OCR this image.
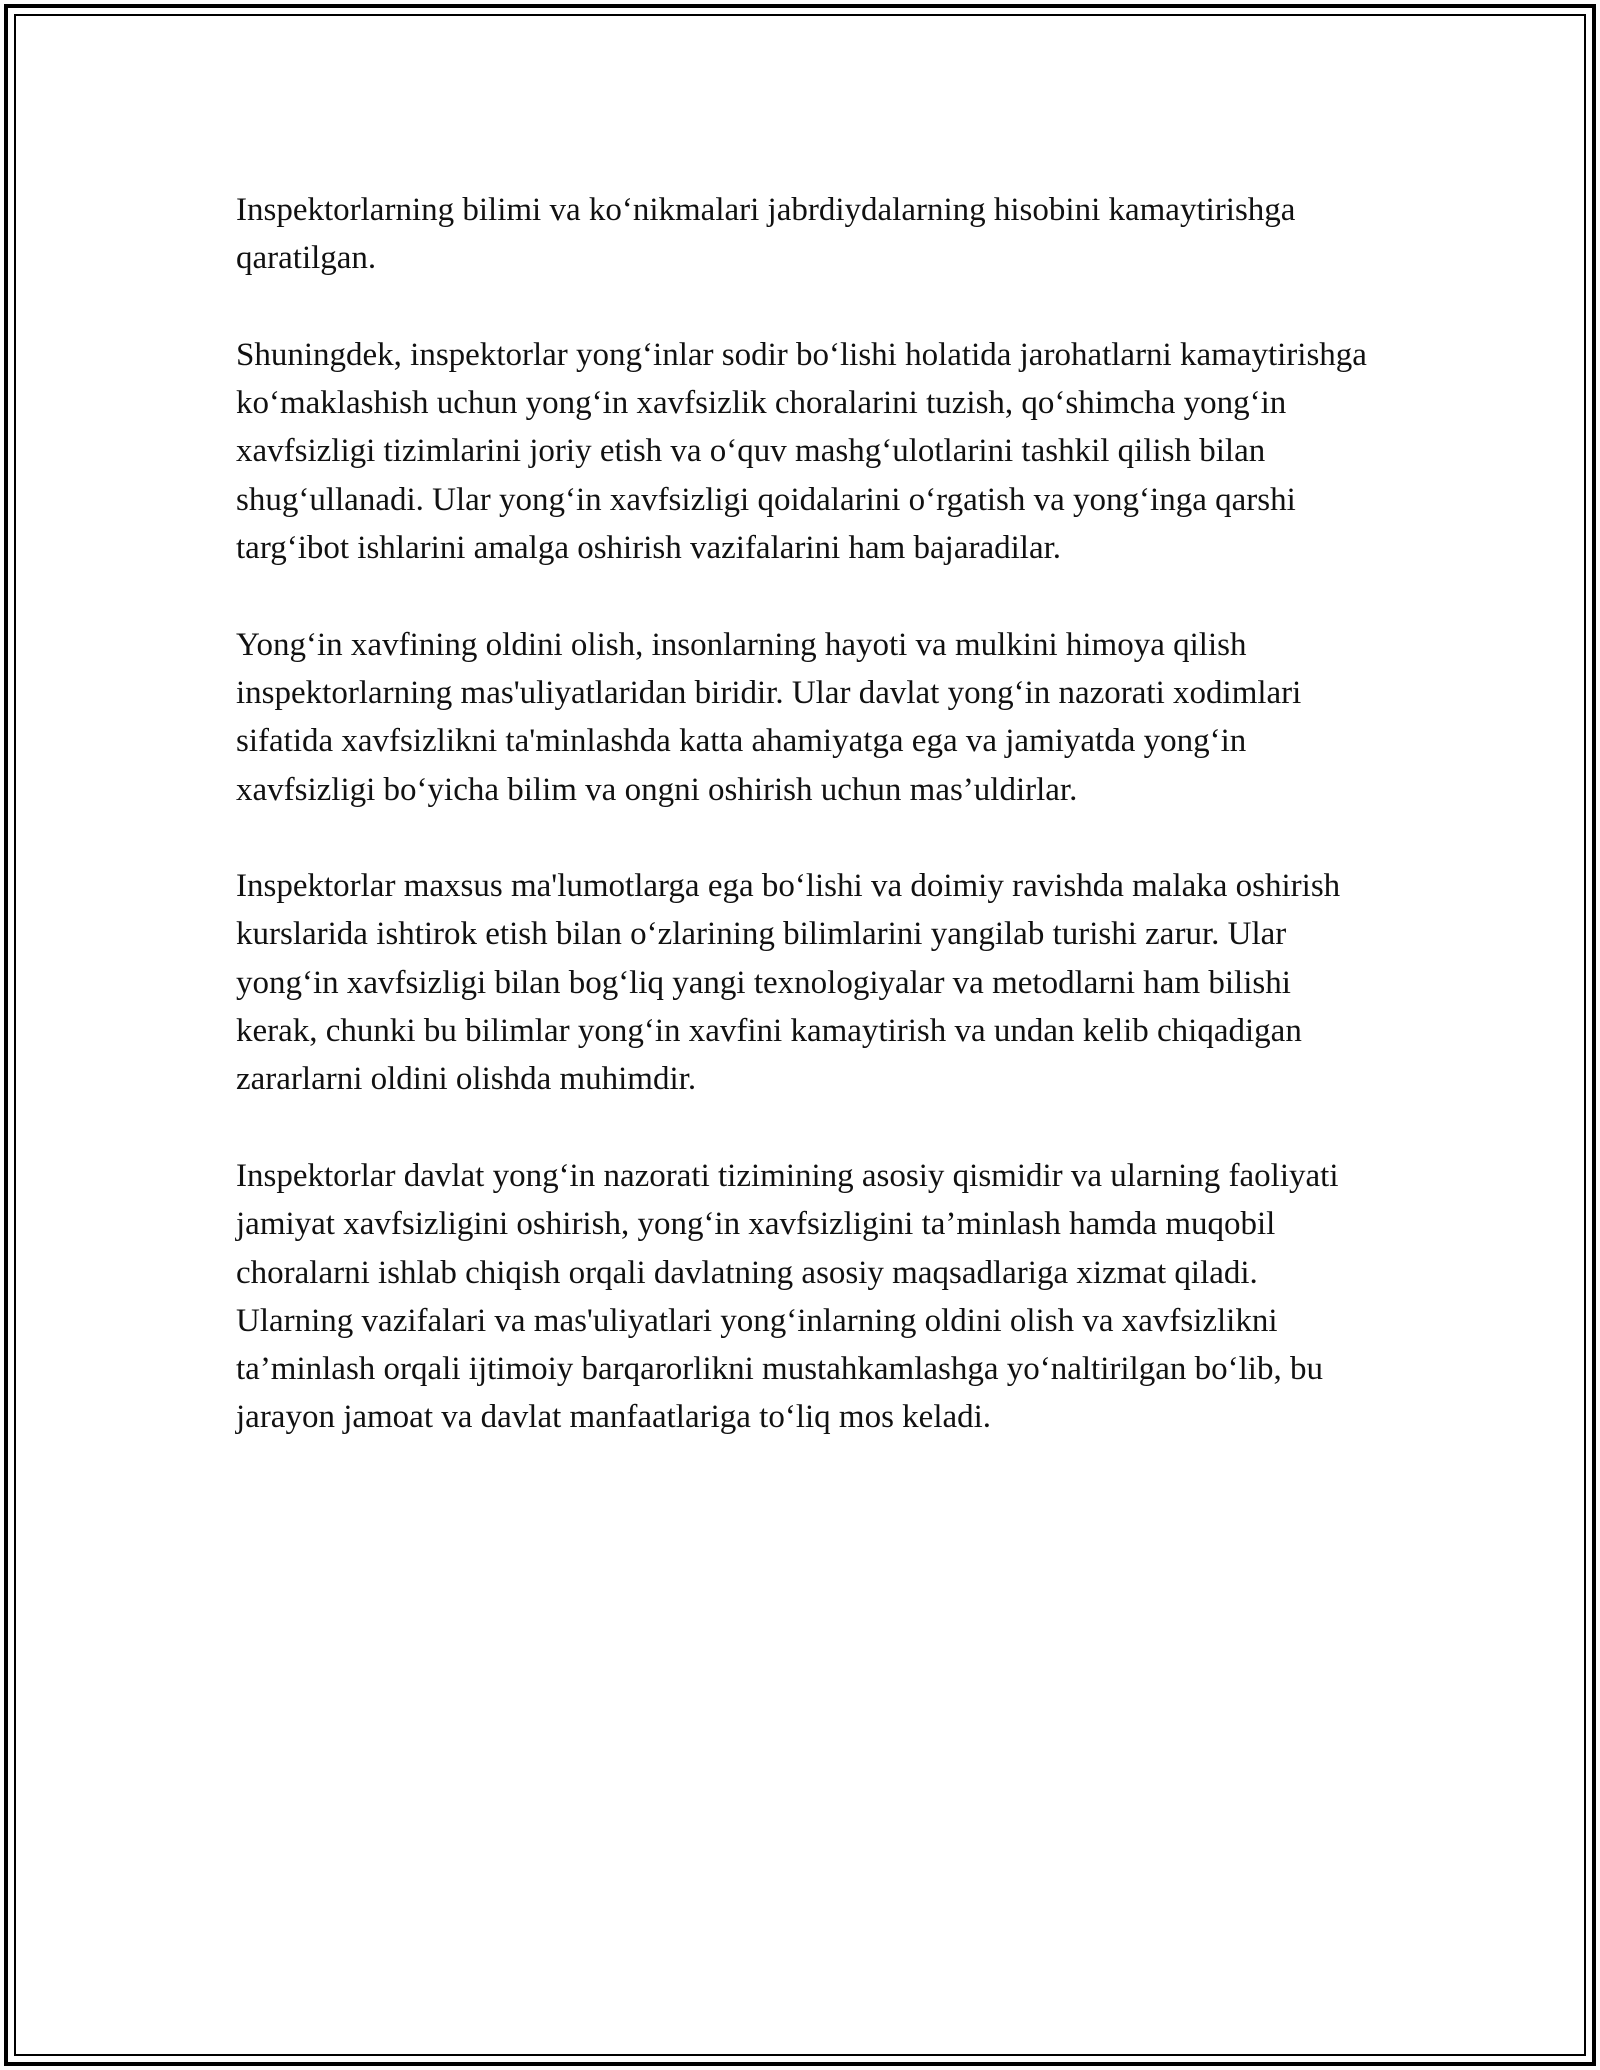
Inspektorlarning bilimi va ko‘nikmalari jabrdiydalarning hisobini kamaytirishga qaratilgan.

Shuningdek, inspektorlar yong‘inlar sodir bo‘lishi holatida jarohatlarni kamaytirishga ko‘maklashish uchun yong‘in xavfsizlik choralarini tuzish, qo‘shimcha yong‘in xavfsizligi tizimlarini joriy etish va o‘quv mashg‘ulotlarini tashkil qilish bilan shug‘ullanadi. Ular yong‘in xavfsizligi qoidalarini o‘rgatish va yong‘inga qarshi targ‘ibot ishlarini amalga oshirish vazifalarini ham bajaradilar.

Yong‘in xavfining oldini olish, insonlarning hayoti va mulkini himoya qilish inspektorlarning mas'uliyatlaridan biridir. Ular davlat yong‘in nazorati xodimlari sifatida xavfsizlikni ta'minlashda katta ahamiyatga ega va jamiyatda yong‘in xavfsizligi bo‘yicha bilim va ongni oshirish uchun mas’uldirlar.

Inspektorlar maxsus ma'lumotlarga ega bo‘lishi va doimiy ravishda malaka oshirish kurslarida ishtirok etish bilan o‘zlarining bilimlarini yangilab turishi zarur. Ular yong‘in xavfsizligi bilan bog‘liq yangi texnologiyalar va metodlarni ham bilishi kerak, chunki bu bilimlar yong‘in xavfini kamaytirish va undan kelib chiqadigan zararlarni oldini olishda muhimdir.

Inspektorlar davlat yong‘in nazorati tizimining asosiy qismidir va ularning faoliyati jamiyat xavfsizligini oshirish, yong‘in xavfsizligini ta’minlash hamda muqobil choralarni ishlab chiqish orqali davlatning asosiy maqsadlariga xizmat qiladi. Ularning vazifalari va mas'uliyatlari yong‘inlarning oldini olish va xavfsizlikni ta’minlash orqali ijtimoiy barqarorlikni mustahkamlashga yo‘naltirilgan bo‘lib, bu jarayon jamoat va davlat manfaatlariga to‘liq mos keladi.
